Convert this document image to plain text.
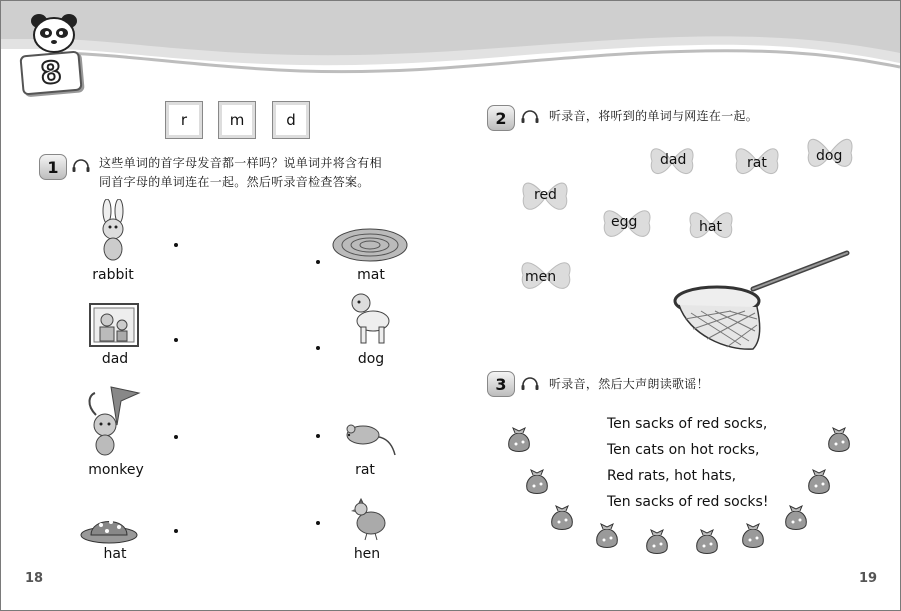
8
r	m	d
1	这些单词的首字母发音都一样吗？说单词并将含有相
同首字母的单词连在一起。然后听录音检查答案。
rabbit
dad
monkey
hat
mat
dog
rat
hen
2	听录音，将听到的单词与网连在一起。
dad	rat	dog
red
egg	hat
men
3	听录音，然后大声朗读歌谣！
Ten sacks of red socks,
Ten cats on hot rocks,
Red rats, hot hats,
Ten sacks of red socks!
18	19
